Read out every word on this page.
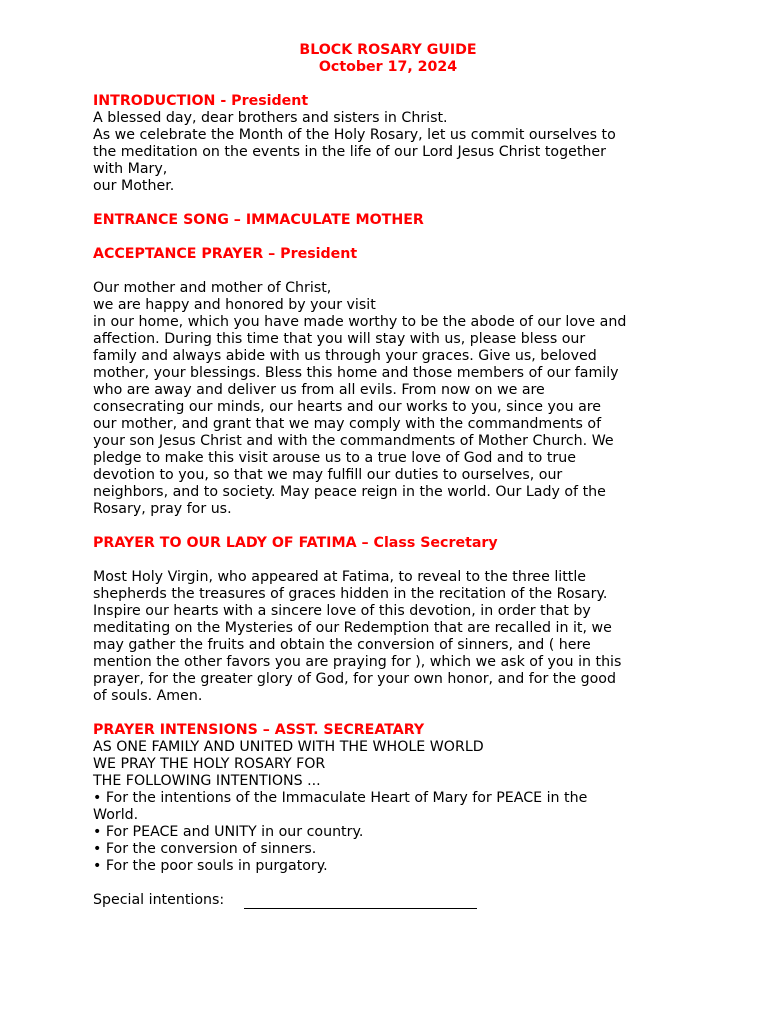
BLOCK ROSARY GUIDE
October 17, 2024
INTRODUCTION - President
A blessed day, dear brothers and sisters in Christ.
As we celebrate the Month of the Holy Rosary, let us commit ourselves to
the meditation on the events in the life of our Lord Jesus Christ together
with Mary,
our Mother.
ENTRANCE SONG – IMMACULATE MOTHER
ACCEPTANCE PRAYER – President
Our mother and mother of Christ,
we are happy and honored by your visit
in our home, which you have made worthy to be the abode of our love and
affection. During this time that you will stay with us, please bless our
family and always abide with us through your graces. Give us, beloved
mother, your blessings. Bless this home and those members of our family
who are away and deliver us from all evils. From now on we are
consecrating our minds, our hearts and our works to you, since you are
our mother, and grant that we may comply with the commandments of
your son Jesus Christ and with the commandments of Mother Church. We
pledge to make this visit arouse us to a true love of God and to true
devotion to you, so that we may fulfill our duties to ourselves, our
neighbors, and to society. May peace reign in the world. Our Lady of the
Rosary, pray for us.
PRAYER TO OUR LADY OF FATIMA – Class Secretary
Most Holy Virgin, who appeared at Fatima, to reveal to the three little
shepherds the treasures of graces hidden in the recitation of the Rosary.
Inspire our hearts with a sincere love of this devotion, in order that by
meditating on the Mysteries of our Redemption that are recalled in it, we
may gather the fruits and obtain the conversion of sinners, and ( here
mention the other favors you are praying for ), which we ask of you in this
prayer, for the greater glory of God, for your own honor, and for the good
of souls. Amen.
PRAYER INTENSIONS – ASST. SECREATARY
AS ONE FAMILY AND UNITED WITH THE WHOLE WORLD
WE PRAY THE HOLY ROSARY FOR
THE FOLLOWING INTENTIONS ...
• For the intentions of the Immaculate Heart of Mary for PEACE in the
World.
• For PEACE and UNITY in our country.
• For the conversion of sinners.
• For the poor souls in purgatory.
Special intentions:
